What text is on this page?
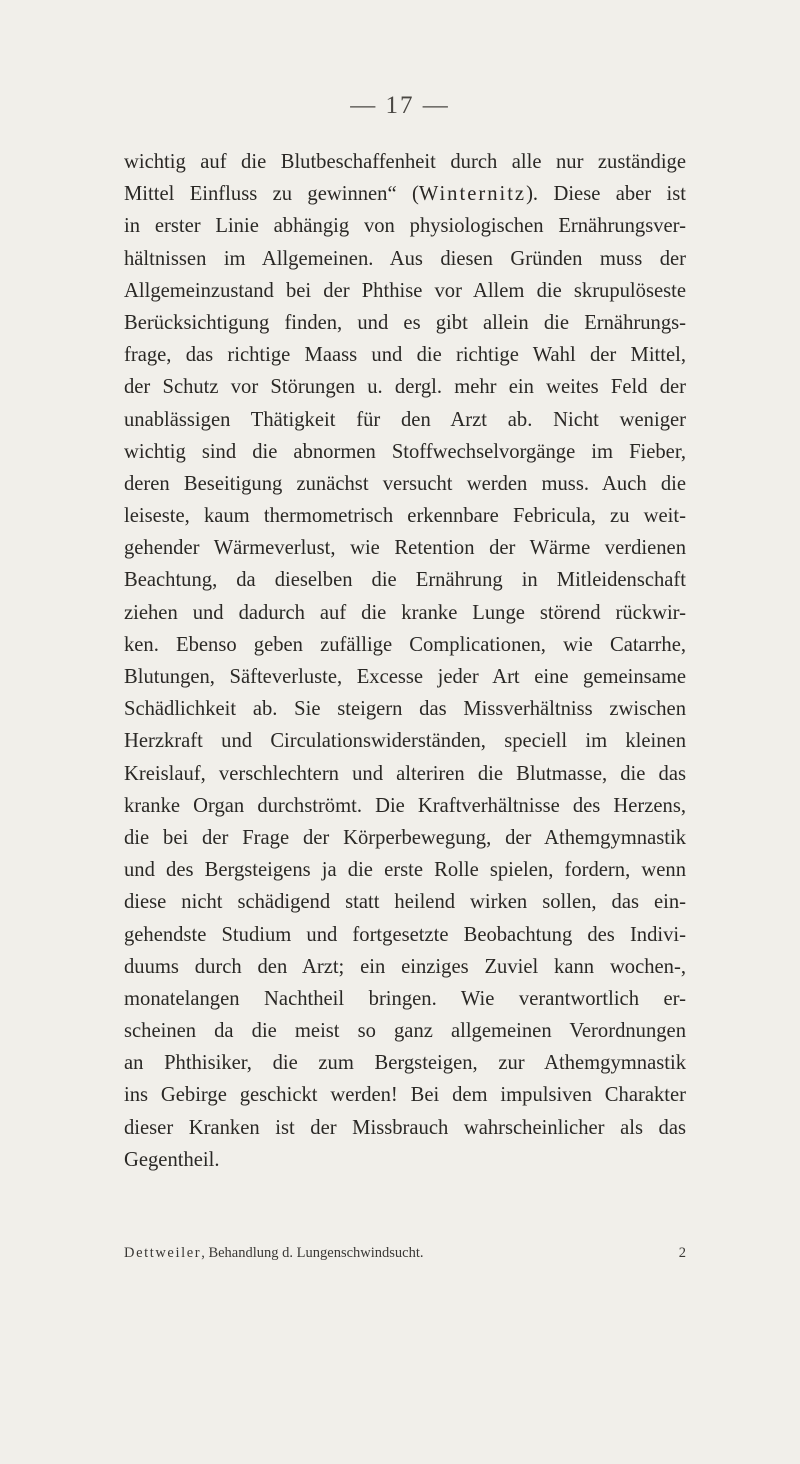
— 17 —
wichtig auf die Blutbeschaffenheit durch alle nur zuständige
Mittel Einfluss zu gewinnen“ (Winternitz). Diese aber ist
in erster Linie abhängig von physiologischen Ernährungsver-
hältnissen im Allgemeinen. Aus diesen Gründen muss der
Allgemeinzustand bei der Phthise vor Allem die skrupulöseste
Berücksichtigung finden, und es gibt allein die Ernährungs-
frage, das richtige Maass und die richtige Wahl der Mittel,
der Schutz vor Störungen u. dergl. mehr ein weites Feld der
unablässigen Thätigkeit für den Arzt ab. Nicht weniger
wichtig sind die abnormen Stoffwechselvorgänge im Fieber,
deren Beseitigung zunächst versucht werden muss. Auch die
leiseste, kaum thermometrisch erkennbare Febricula, zu weit-
gehender Wärmeverlust, wie Retention der Wärme verdienen
Beachtung, da dieselben die Ernährung in Mitleidenschaft
ziehen und dadurch auf die kranke Lunge störend rückwir-
ken. Ebenso geben zufällige Complicationen, wie Catarrhe,
Blutungen, Säfteverluste, Excesse jeder Art eine gemeinsame
Schädlichkeit ab. Sie steigern das Missverhältniss zwischen
Herzkraft und Circulationswiderständen, speciell im kleinen
Kreislauf, verschlechtern und alteriren die Blutmasse, die das
kranke Organ durchströmt. Die Kraftverhältnisse des Herzens,
die bei der Frage der Körperbewegung, der Athemgymnastik
und des Bergsteigens ja die erste Rolle spielen, fordern, wenn
diese nicht schädigend statt heilend wirken sollen, das ein-
gehendste Studium und fortgesetzte Beobachtung des Indivi-
duums durch den Arzt; ein einziges Zuviel kann wochen-,
monatelangen Nachtheil bringen. Wie verantwortlich er-
scheinen da die meist so ganz allgemeinen Verordnungen
an Phthisiker, die zum Bergsteigen, zur Athemgymnastik
ins Gebirge geschickt werden! Bei dem impulsiven Charakter
dieser Kranken ist der Missbrauch wahrscheinlicher als das
Gegentheil.
Dettweiler, Behandlung d. Lungenschwindsucht.	2
